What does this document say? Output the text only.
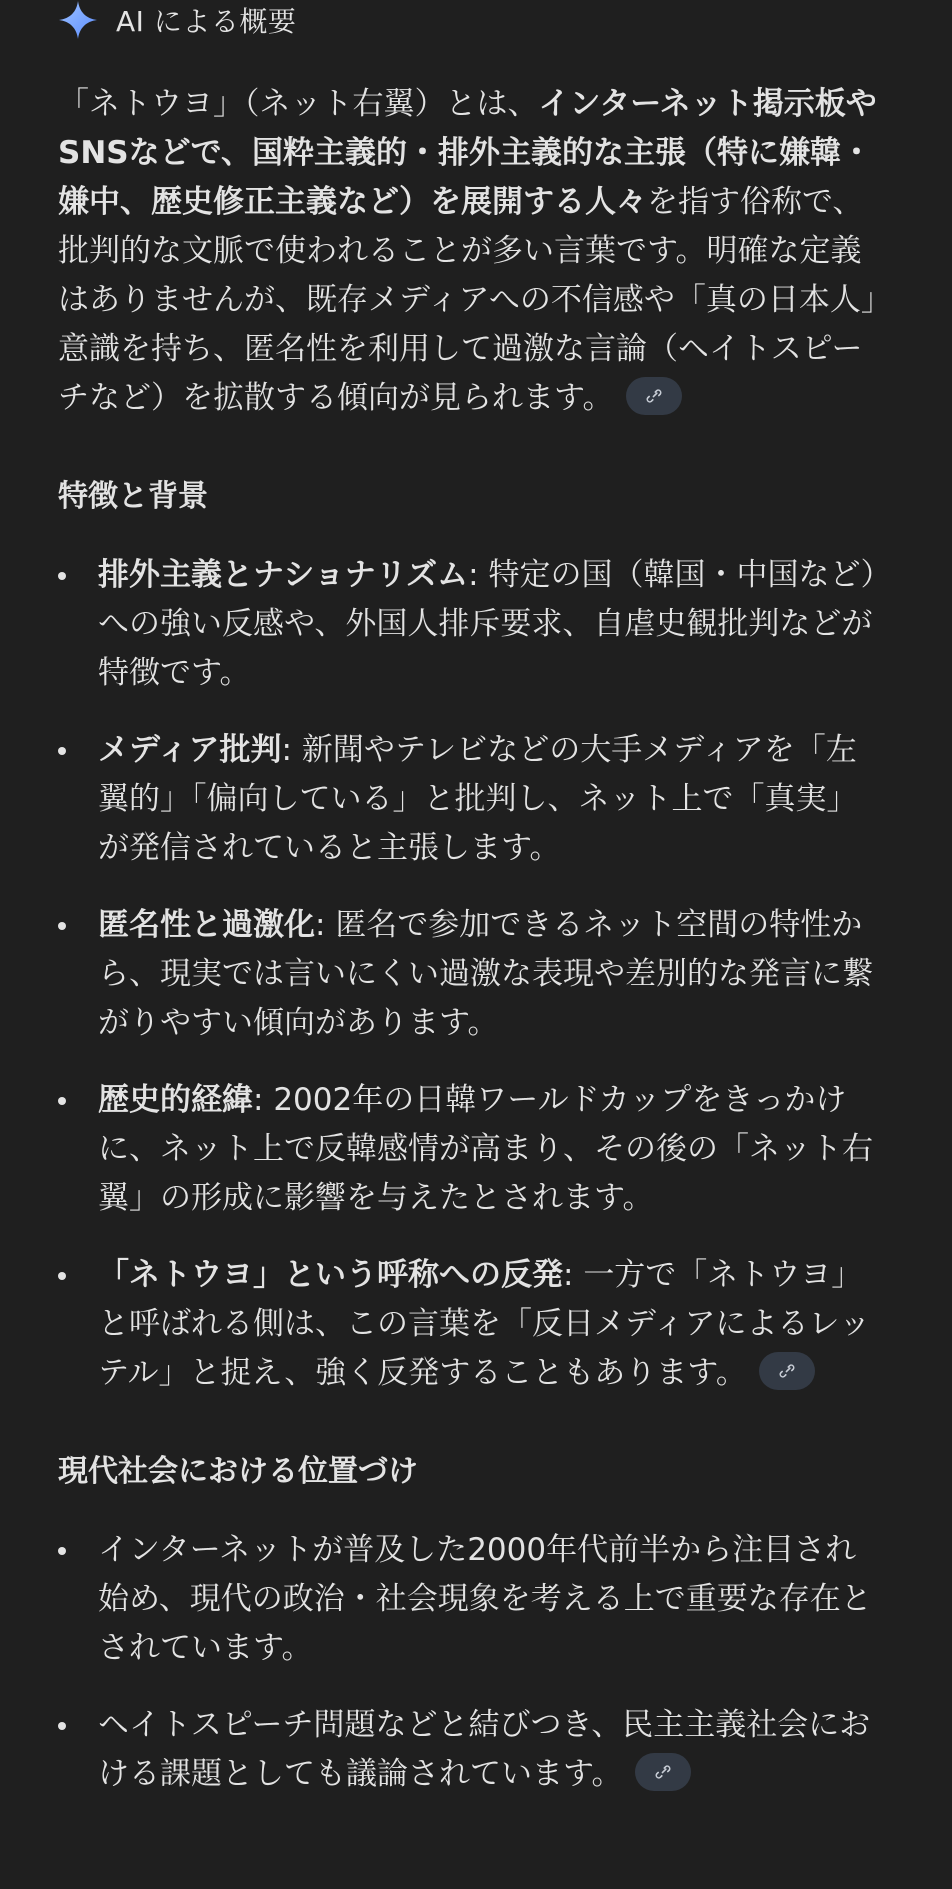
AI による概要
「ネトウヨ」（ネット右翼）とは、インターネット掲示板やSNSなどで、国粋主義的・排外主義的な主張（特に嫌韓・嫌中、歴史修正主義など）を展開する人々を指す俗称で、批判的な文脈で使われることが多い言葉です。明確な定義はありませんが、既存メディアへの不信感や「真の日本人」意識を持ち、匿名性を利用して過激な言論（ヘイトスピーチなど）を拡散する傾向が見られます。
特徴と背景
排外主義とナショナリズム: 特定の国（韓国・中国など）への強い反感や、外国人排斥要求、自虐史観批判などが特徴です。
メディア批判: 新聞やテレビなどの大手メディアを「左翼的」「偏向している」と批判し、ネット上で「真実」が発信されていると主張します。
匿名性と過激化: 匿名で参加できるネット空間の特性から、現実では言いにくい過激な表現や差別的な発言に繋がりやすい傾向があります。
歴史的経緯: 2002年の日韓ワールドカップをきっかけに、ネット上で反韓感情が高まり、その後の「ネット右翼」の形成に影響を与えたとされます。
「ネトウヨ」という呼称への反発: 一方で「ネトウヨ」と呼ばれる側は、この言葉を「反日メディアによるレッテル」と捉え、強く反発することもあります。
現代社会における位置づけ
インターネットが普及した2000年代前半から注目され始め、現代の政治・社会現象を考える上で重要な存在とされています。
ヘイトスピーチ問題などと結びつき、民主主義社会における課題としても議論されています。
